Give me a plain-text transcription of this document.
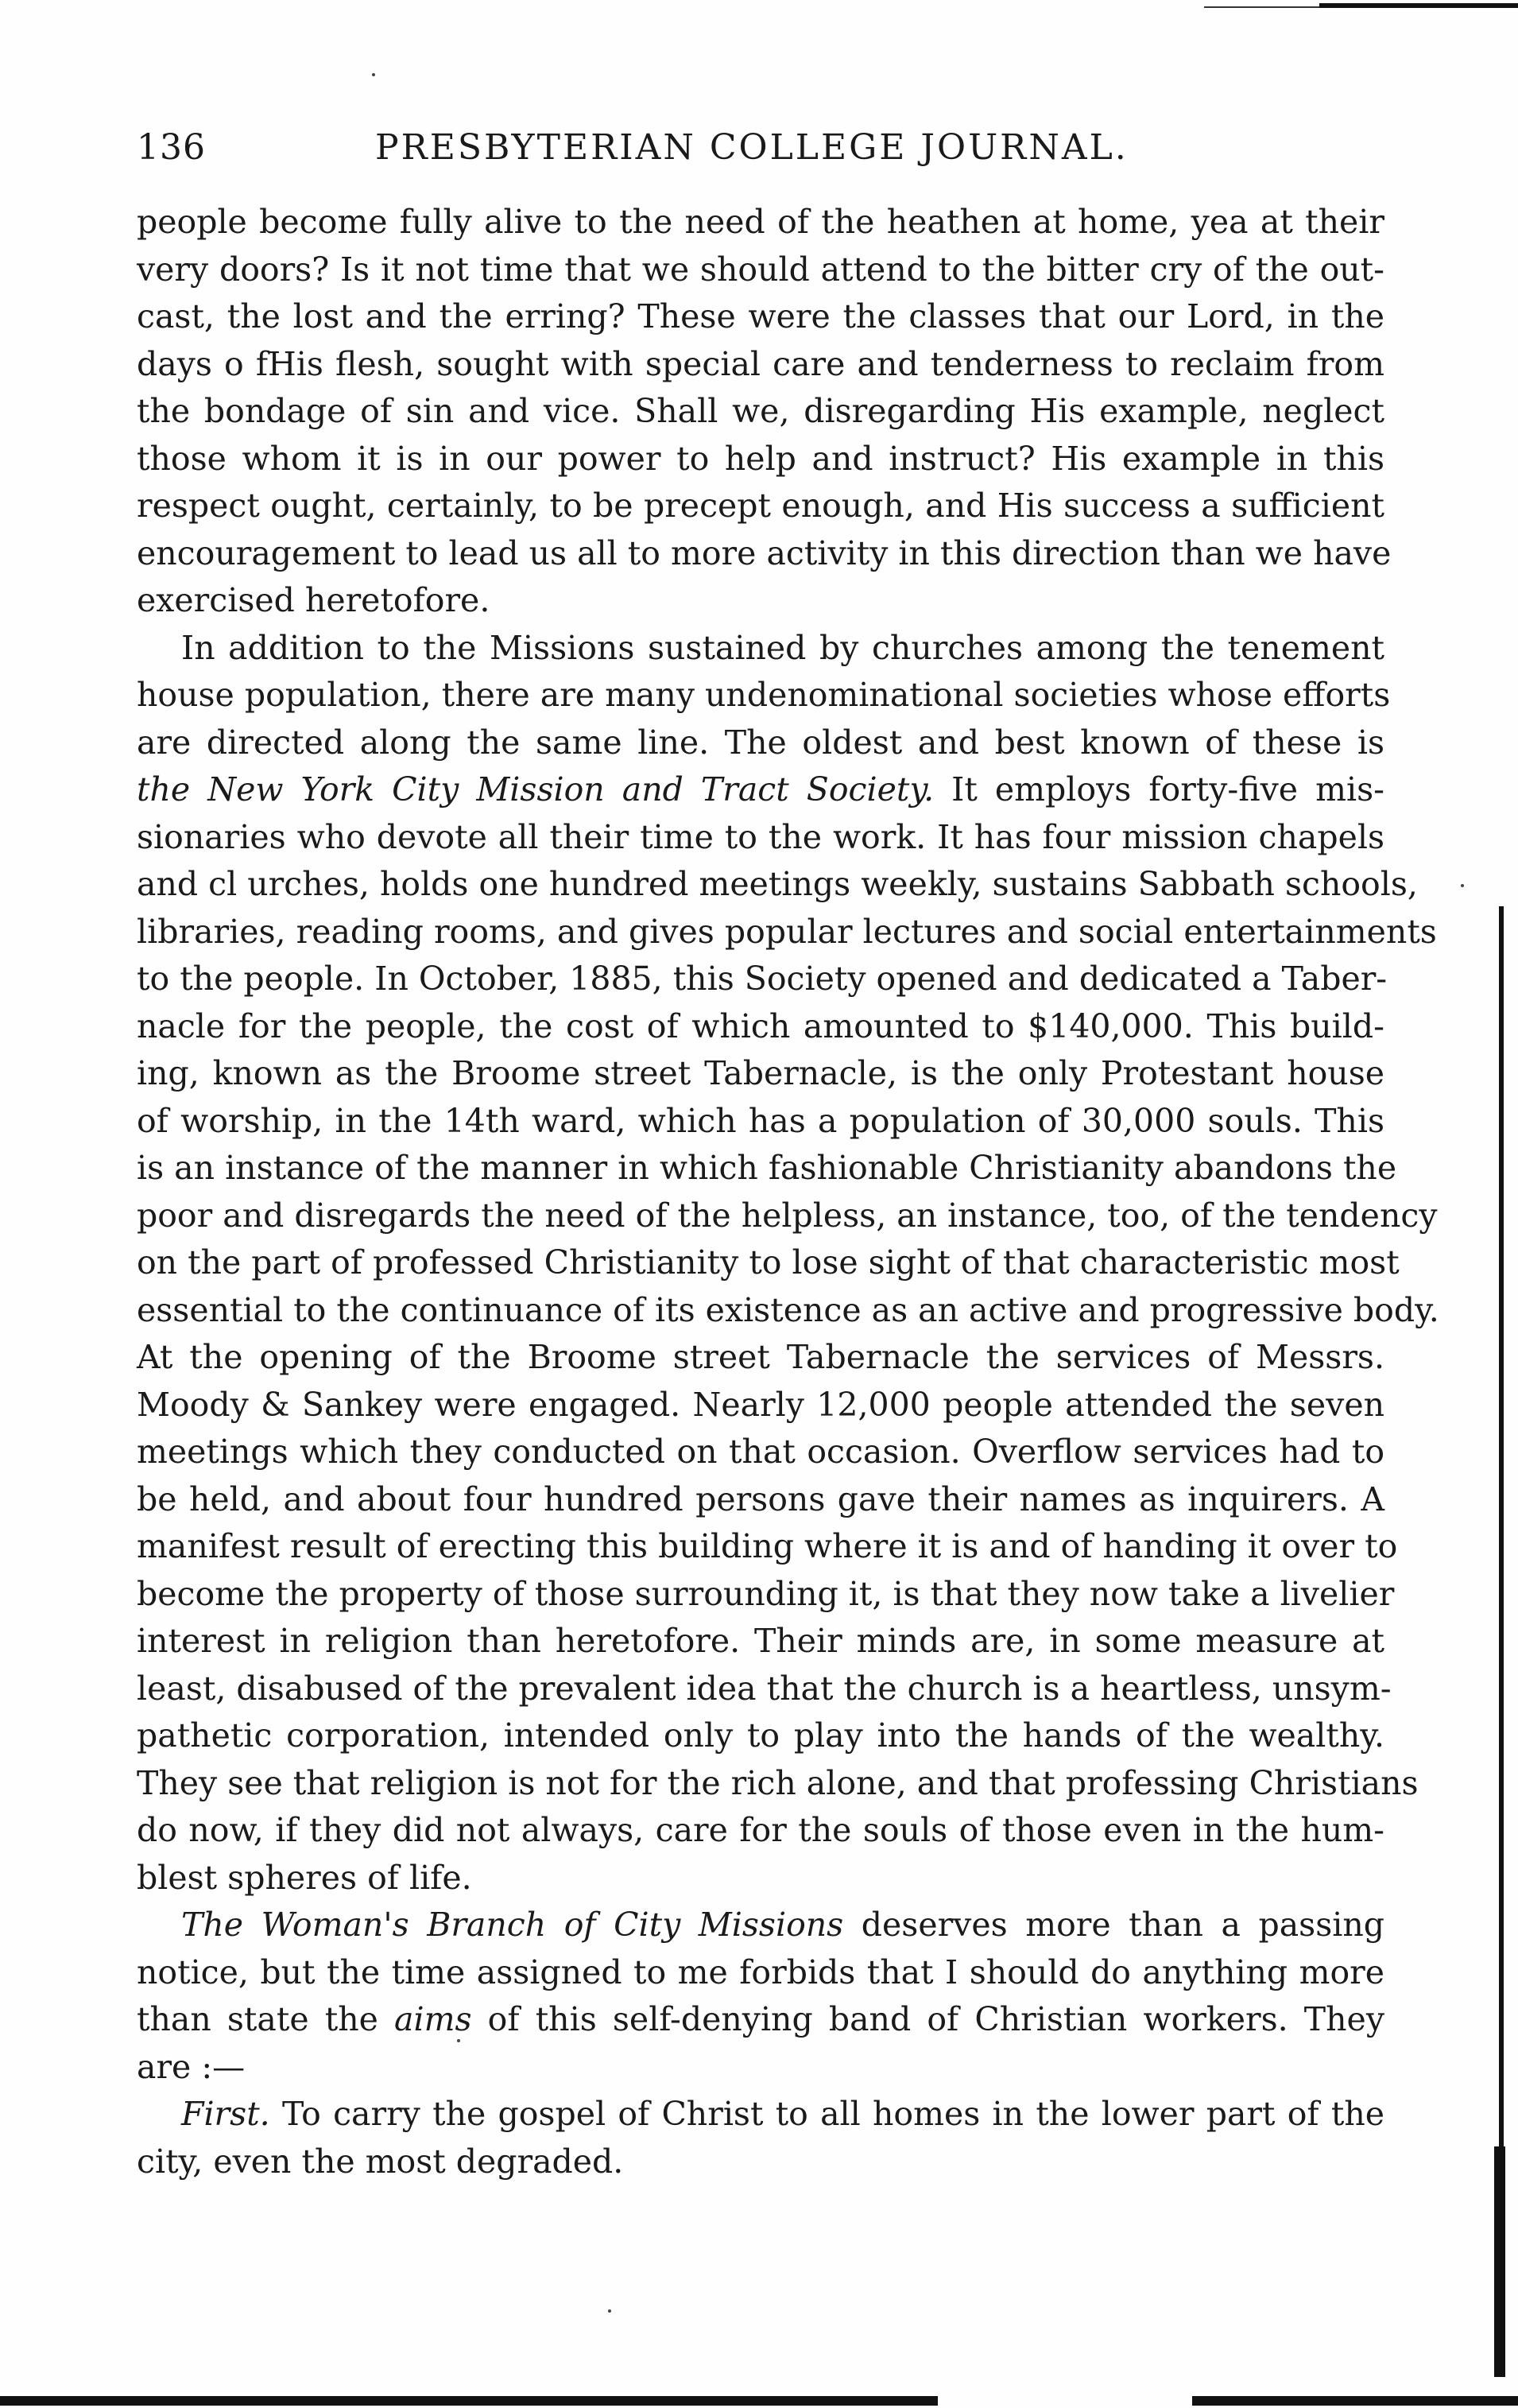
136	PRESBYTERIAN COLLEGE JOURNAL.
people become fully alive to the need of the heathen at home, yea at their
very doors? Is it not time that we should attend to the bitter cry of the out-
cast, the lost and the erring? These were the classes that our Lord, in the
days o fHis flesh, sought with special care and tenderness to reclaim from
the bondage of sin and vice. Shall we, disregarding His example, neglect
those whom it is in our power to help and instruct? His example in this
respect ought, certainly, to be precept enough, and His success a sufficient
encouragement to lead us all to more activity in this direction than we have
exercised heretofore.
In addition to the Missions sustained by churches among the tenement
house population, there are many undenominational societies whose efforts
are directed along the same line. The oldest and best known of these is
the New York City Mission and Tract Society. It employs forty-five mis-
sionaries who devote all their time to the work. It has four mission chapels
and cl urches, holds one hundred meetings weekly, sustains Sabbath schools,
libraries, reading rooms, and gives popular lectures and social entertainments
to the people. In October, 1885, this Society opened and dedicated a Taber-
nacle for the people, the cost of which amounted to $140,000. This build-
ing, known as the Broome street Tabernacle, is the only Protestant house
of worship, in the 14th ward, which has a population of 30,000 souls. This
is an instance of the manner in which fashionable Christianity abandons the
poor and disregards the need of the helpless, an instance, too, of the tendency
on the part of professed Christianity to lose sight of that characteristic most
essential to the continuance of its existence as an active and progressive body.
At the opening of the Broome street Tabernacle the services of Messrs.
Moody & Sankey were engaged. Nearly 12,000 people attended the seven
meetings which they conducted on that occasion. Overflow services had to
be held, and about four hundred persons gave their names as inquirers. A
manifest result of erecting this building where it is and of handing it over to
become the property of those surrounding it, is that they now take a livelier
interest in religion than heretofore. Their minds are, in some measure at
least, disabused of the prevalent idea that the church is a heartless, unsym-
pathetic corporation, intended only to play into the hands of the wealthy.
They see that religion is not for the rich alone, and that professing Christians
do now, if they did not always, care for the souls of those even in the hum-
blest spheres of life.
The Woman's Branch of City Missions deserves more than a passing
notice, but the time assigned to me forbids that I should do anything more
than state the aims of this self-denying band of Christian workers. They
are :—
First. To carry the gospel of Christ to all homes in the lower part of the
city, even the most degraded.
